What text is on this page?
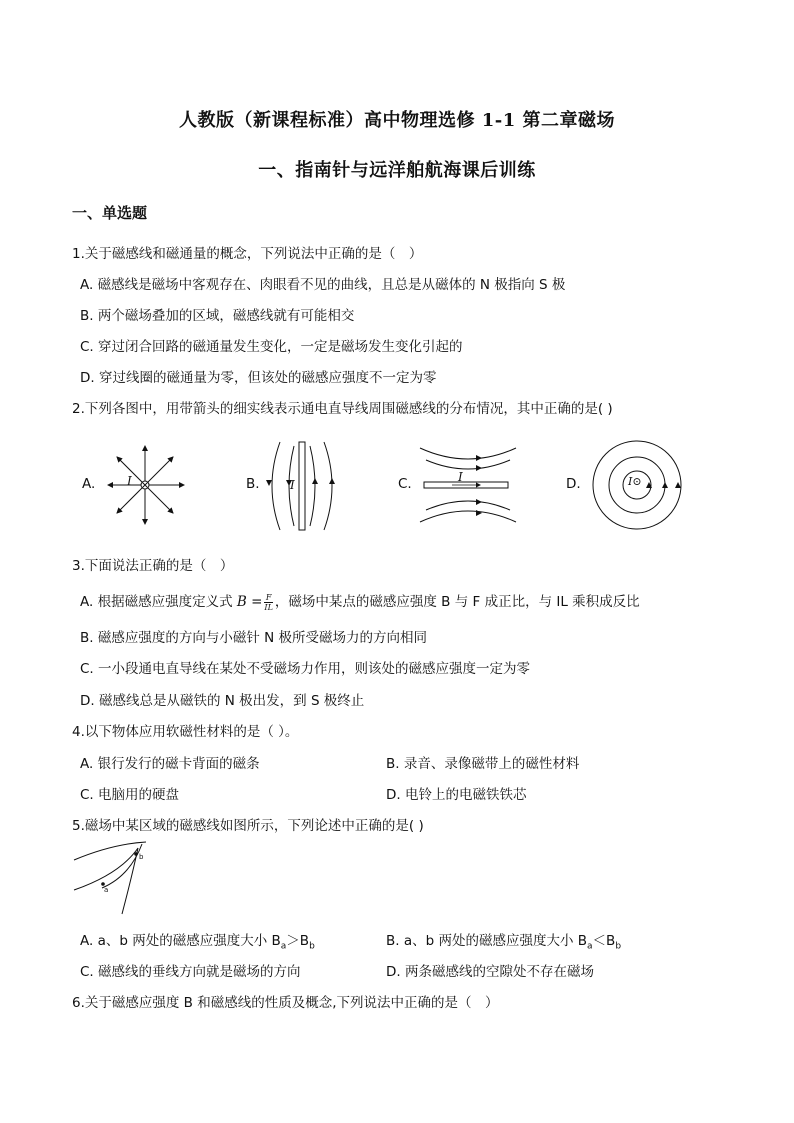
人教版（新课程标准）高中物理选修 1-1 第二章磁场
一、指南针与远洋舶航海课后训练
一、单选题
1.关于磁感线和磁通量的概念，下列说法中正确的是（　）
A. 磁感线是磁场中客观存在、肉眼看不见的曲线，且总是从磁体的 N 极指向 S 极
B. 两个磁场叠加的区域，磁感线就有可能相交
C. 穿过闭合回路的磁通量发生变化，一定是磁场发生变化引起的
D. 穿过线圈的磁通量为零，但该处的磁感应强度不一定为零
2.下列各图中，用带箭头的细实线表示通电直导线周围磁感线的分布情况，其中正确的是( )
A.	I	B.	I	C.	I	D.	I⊙
3.下面说法正确的是（　）
A. 根据磁感应强度定义式 $B = \frac{F}{IL}$ ，磁场中某点的磁感应强度 B 与 F 成正比，与 IL 乘积成反比
B. 磁感应强度的方向与小磁针 N 极所受磁场力的方向相同
C. 一小段通电直导线在某处不受磁场力作用，则该处的磁感应强度一定为零
D. 磁感线总是从磁铁的 N 极出发，到 S 极终止
4.以下物体应用软磁性材料的是（ ）。
A. 银行发行的磁卡背面的磁条	B. 录音、录像磁带上的磁性材料
C. 电脑用的硬盘	D. 电铃上的电磁铁铁芯
5.磁场中某区域的磁感线如图所示，下列论述中正确的是( )
b
a
A. a、b 两处的磁感应强度大小 $B_a>B_b$	B. a、b 两处的磁感应强度大小 $B_a<B_b$
C. 磁感线的垂线方向就是磁场的方向	D. 两条磁感线的空隙处不存在磁场
6.关于磁感应强度 B 和磁感线的性质及概念,下列说法中正确的是（　）
